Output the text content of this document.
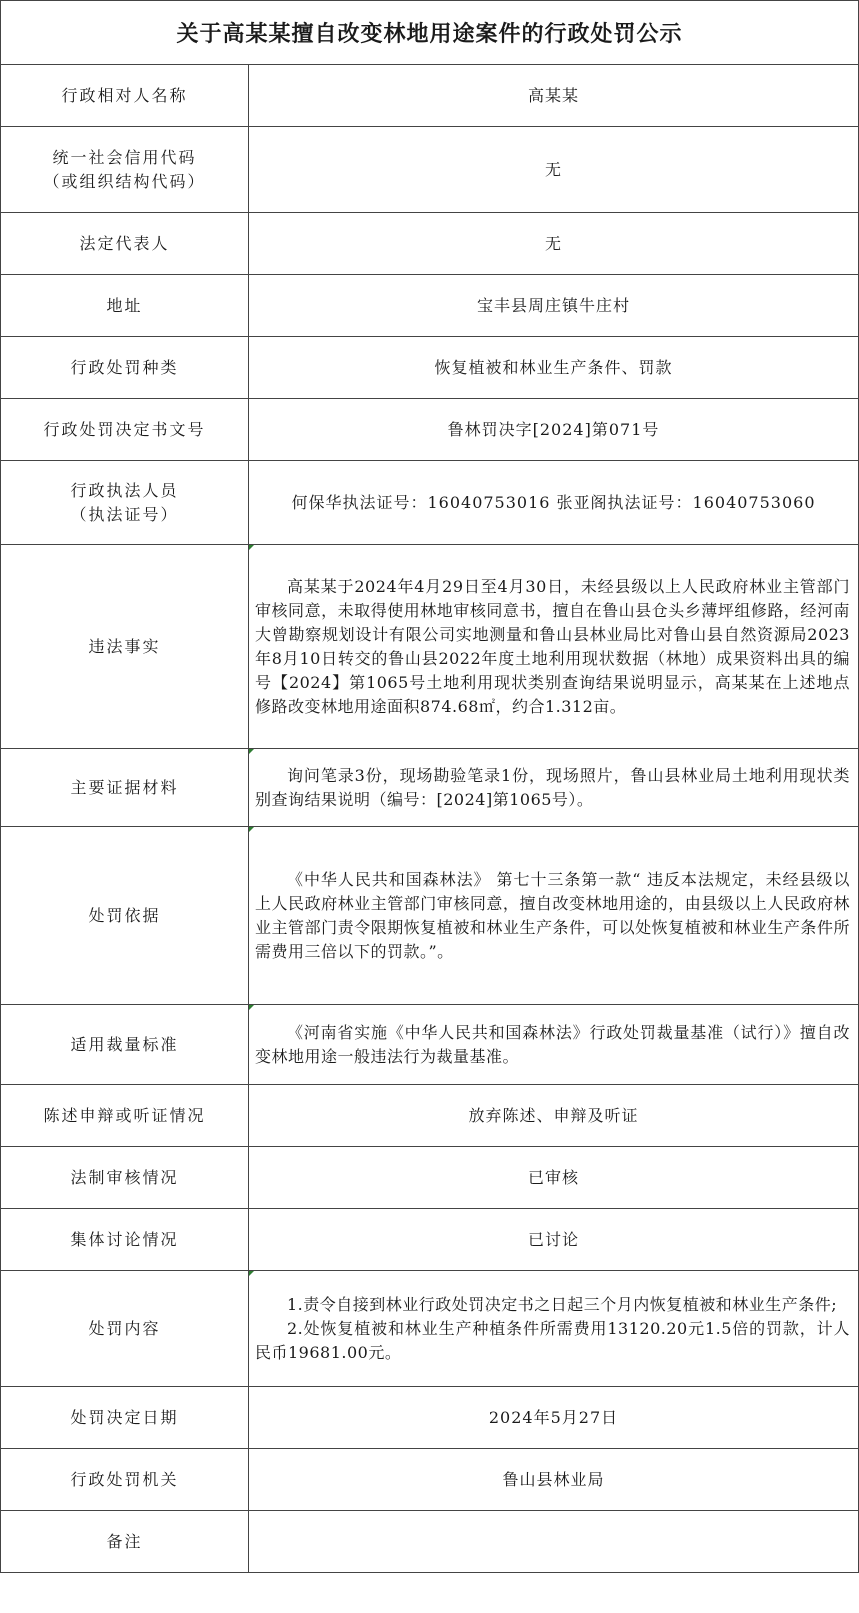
关于高某某擅自改变林地用途案件的行政处罚公示
行政相对人名称	高某某

统一社会信用代码
（或组织结构代码）	无
法定代表人	无
地址	宝丰县周庄镇牛庄村
行政处罚种类	恢复植被和林业生产条件、罚款
行政处罚决定书文号	鲁林罚决字[2024]第071号

行政执法人员
（执法证号）	何保华执法证号：16040753016 张亚阁执法证号：16040753060
违法事实	高某某于2024年4月29日至4月30日，未经县级以上人民政府林业主管部门审核同意，未取得使用林地审核同意书，擅自在鲁山县仓头乡薄坪组修路，经河南大曾勘察规划设计有限公司实地测量和鲁山县林业局比对鲁山县自然资源局2023年8月10日转交的鲁山县2022年度土地利用现状数据（林地）成果资料出具的编号【2024】第1065号土地利用现状类别查询结果说明显示，高某某在上述地点修路改变林地用途面积874.68㎡，约合1.312亩。

主要证据材料	询问笔录3份，现场勘验笔录1份，现场照片，鲁山县林业局土地利用现状类别查询结果说明（编号：[2024]第1065号）。

处罚依据	《中华人民共和国森林法》 第七十三条第一款“ 违反本法规定，未经县级以上人民政府林业主管部门审核同意，擅自改变林地用途的，由县级以上人民政府林业主管部门责令限期恢复植被和林业生产条件，可以处恢复植被和林业生产条件所需费用三倍以下的罚款。”。

适用裁量标准	《河南省实施《中华人民共和国森林法》行政处罚裁量基准（试行）》擅自改变林地用途一般违法行为裁量基准。

陈述申辩或听证情况	放弃陈述、申辩及听证
法制审核情况	已审核
集体讨论情况	已讨论
处罚内容	1.责令自接到林业行政处罚决定书之日起三个月内恢复植被和林业生产条件;

2.处恢复植被和林业生产种植条件所需费用13120.20元1.5倍的罚款，计人民币19681.00元。

处罚决定日期	2024年5月27日
行政处罚机关	鲁山县林业局
备注	
